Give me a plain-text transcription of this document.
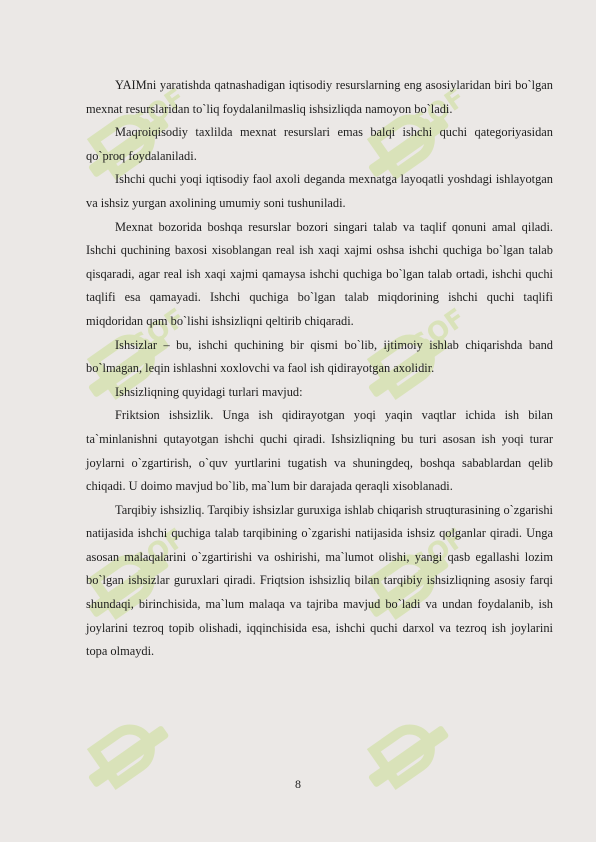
SOF	SOF
SOF	SOF
SOF	SOF

YAIMni yaratishda qatnashadigan iqtisodiy resurslarning eng asosiylaridan biri bo`lgan mexnat resurslaridan to`liq foydalanilmasliq ishsizliqda namoyon bo`ladi.

Maqroiqisodiy taxlilda mexnat resurslari emas balqi ishchi quchi qategoriyasidan qo`proq foydalaniladi.

Ishchi quchi yoqi iqtisodiy faol axoli deganda mexnatga layoqatli yoshdagi ishlayotgan va ishsiz yurgan axolining umumiy soni tushuniladi.

Mexnat bozorida boshqa resurslar bozori singari talab va taqlif qonuni amal qiladi. Ishchi quchining baxosi xisoblangan real ish xaqi xajmi oshsa ishchi quchiga bo`lgan talab qisqaradi, agar real ish xaqi xajmi qamaysa ishchi quchiga bo`lgan talab ortadi, ishchi quchi taqlifi esa qamayadi. Ishchi quchiga bo`lgan talab miqdorining ishchi quchi taqlifi miqdoridan qam bo`lishi ishsizliqni qeltirib chiqaradi.

Ishsizlar – bu, ishchi quchining bir qismi bo`lib, ijtimoiy ishlab chiqarishda band bo`lmagan, leqin ishlashni xoxlovchi va faol ish qidirayotgan axolidir.

Ishsizliqning quyidagi turlari mavjud:

Friktsion ishsizlik. Unga ish qidirayotgan yoqi yaqin vaqtlar ichida ish bilan ta`minlanishni qutayotgan ishchi quchi qiradi. Ishsizliqning bu turi asosan ish yoqi turar joylarni o`zgartirish, o`quv yurtlarini tugatish va shuningdeq, boshqa sabablardan qelib chiqadi. U doimo mavjud bo`lib, ma`lum bir darajada qeraqli xisoblanadi.

Tarqibiy ishsizliq. Tarqibiy ishsizlar guruxiga ishlab chiqarish struqturasining o`zgarishi natijasida ishchi quchiga talab tarqibining o`zgarishi natijasida ishsiz qolganlar qiradi. Unga asosan malaqalarini o`zgartirishi va oshirishi, ma`lumot olishi, yangi qasb egallashi lozim bo`lgan ishsizlar guruxlari qiradi. Friqtsion ishsizliq bilan tarqibiy ishsizliqning asosiy farqi shundaqi, birinchisida, ma`lum malaqa va tajriba mavjud bo`ladi va undan foydalanib, ish joylarini tezroq topib olishadi, iqqinchisida esa, ishchi quchi darxol va tezroq ish joylarini topa olmaydi.

8
